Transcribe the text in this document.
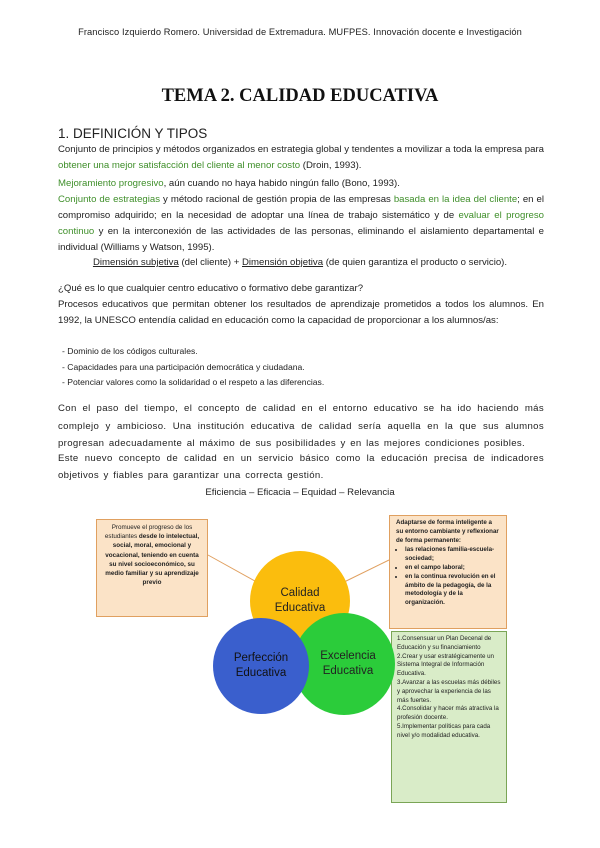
Francisco Izquierdo Romero. Universidad de Extremadura. MUFPES. Innovación docente e Investigación
TEMA 2. CALIDAD EDUCATIVA
1. DEFINICIÓN Y TIPOS
Conjunto de principios y métodos organizados en estrategia global y tendentes a movilizar a toda la empresa para obtener una mejor satisfacción del cliente al menor costo (Droin, 1993).
Mejoramiento progresivo, aún cuando no haya habido ningún fallo (Bono, 1993).
Conjunto de estrategias y método racional de gestión propia de las empresas basada en la idea del cliente; en el compromiso adquirido; en la necesidad de adoptar una línea de trabajo sistemático y de evaluar el progreso continuo y en la interconexión de las actividades de las personas, eliminando el aislamiento departamental e individual (Williams y Watson, 1995).
Dimensión subjetiva (del cliente) + Dimensión objetiva (de quien garantiza el producto o servicio).
¿Qué es lo que cualquier centro educativo o formativo debe garantizar?
Procesos educativos que permitan obtener los resultados de aprendizaje prometidos a todos los alumnos. En 1992, la UNESCO entendía calidad en educación como la capacidad de proporcionar a los alumnos/as:
- Dominio de los códigos culturales.
- Capacidades para una participación democrática y ciudadana.
- Potenciar valores como la solidaridad o el respeto a las diferencias.
Con el paso del tiempo, el concepto de calidad en el entorno educativo se ha ido haciendo más complejo y ambicioso. Una institución educativa de calidad sería aquella en la que sus alumnos progresan adecuadamente al máximo de sus posibilidades y en las mejores condiciones posibles.
Este nuevo concepto de calidad en un servicio básico como la educación precisa de indicadores objetivos y fiables para garantizar una correcta gestión.
Eficiencia – Eficacia – Equidad – Relevancia
Promueve el progreso de los estudiantes desde lo intelectual, social, moral, emocional y vocacional, teniendo en cuenta su nivel socioeconómico, su medio familiar y su aprendizaje previo
Adaptarse de forma inteligente a su entorno cambiante y reflexionar de forma permanente:
• las relaciones familia-escuela-sociedad;
• en el campo laboral;
• en la continua revolución en el ámbito de la pedagogía, de la metodología y de la organización.
1.Consensuar un Plan Decenal de Educación y su financiamiento
2.Crear y usar estratégicamente un Sistema Integral de Información Educativa.
3.Avanzar a las escuelas más débiles y aprovechar la experiencia de las más fuertes.
4.Consolidar y hacer más atractiva la profesión docente.
5.Implementar políticas para cada nivel y/o modalidad educativa.
Calidad
Educativa
Excelencia
Educativa
Perfección
Educativa
